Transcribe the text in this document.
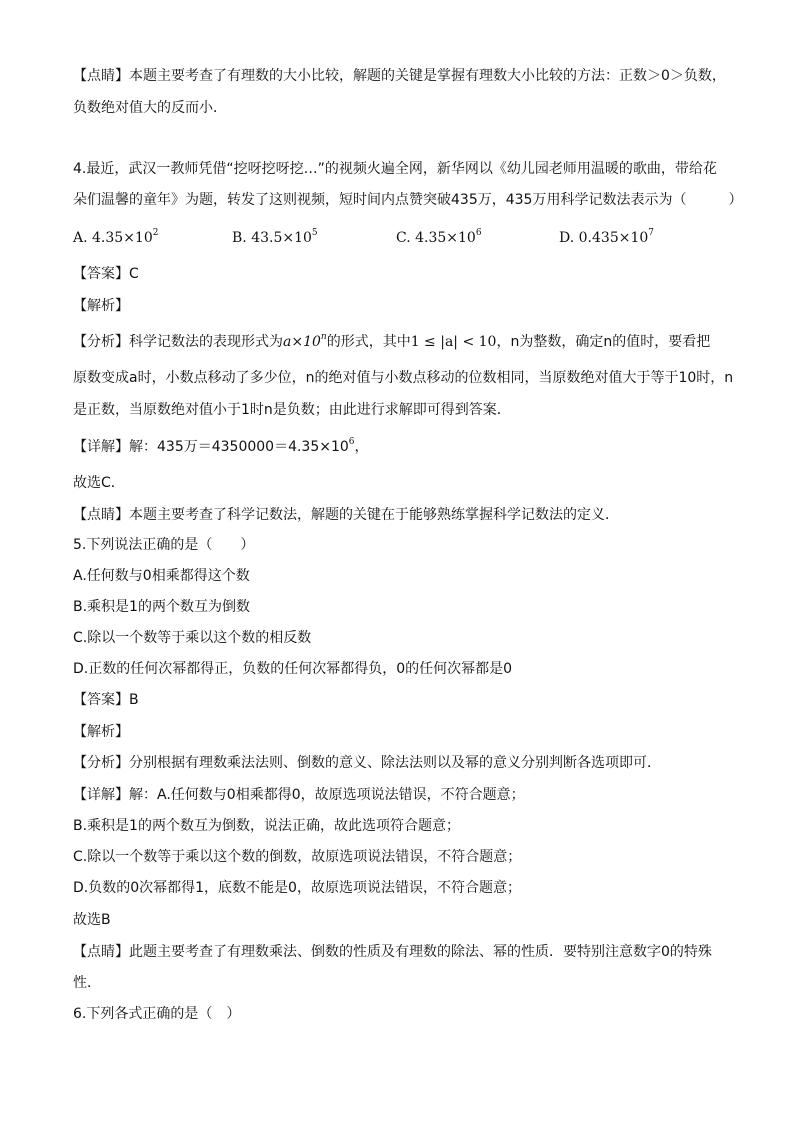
【点睛】本题主要考查了有理数的大小比较，解题的关键是掌握有理数大小比较的方法：正数＞0＞负数，
负数绝对值大的反而小．
4.最近，武汉一教师凭借“挖呀挖呀挖…”的视频火遍全网，新华网以《幼儿园老师用温暖的歌曲，带给花
朵们温馨的童年》为题，转发了这则视频，短时间内点赞突破435万，435万用科学记数法表示为（　　　）
A. $4.35\times 10^2$	B. $43.5\times 10^5$	C. $4.35\times 10^6$	D. $0.435\times 10^7$
【答案】C
【解析】
【分析】科学记数法的表现形式为$a\times 10^n$的形式，其中1 ≤ |a| < 10，n为整数，确定n的值时，要看把
原数变成a时，小数点移动了多少位，n的绝对值与小数点移动的位数相同，当原数绝对值大于等于10时，n
是正数，当原数绝对值小于1时n是负数；由此进行求解即可得到答案．
【详解】解：435万$=4350000=4.35\times 10^6$，
故选C．
【点睛】本题主要考查了科学记数法，解题的关键在于能够熟练掌握科学记数法的定义．
5.下列说法正确的是（　　）
A.任何数与0相乘都得这个数
B.乘积是1的两个数互为倒数
C.除以一个数等于乘以这个数的相反数
D.正数的任何次幂都得正，负数的任何次幂都得负，0的任何次幂都是0
【答案】B
【解析】
【分析】分别根据有理数乘法法则、倒数的意义、除法法则以及幂的意义分别判断各选项即可．
【详解】解：A.任何数与0相乘都得0，故原选项说法错误，不符合题意；
B.乘积是1的两个数互为倒数，说法正确，故此选项符合题意；
C.除以一个数等于乘以这个数的倒数，故原选项说法错误，不符合题意；
D.负数的0次幂都得1，底数不能是0，故原选项说法错误，不符合题意；
故选B
【点睛】此题主要考查了有理数乘法、倒数的性质及有理数的除法、幂的性质．要特别注意数字0的特殊
性．
6.下列各式正确的是（　）
